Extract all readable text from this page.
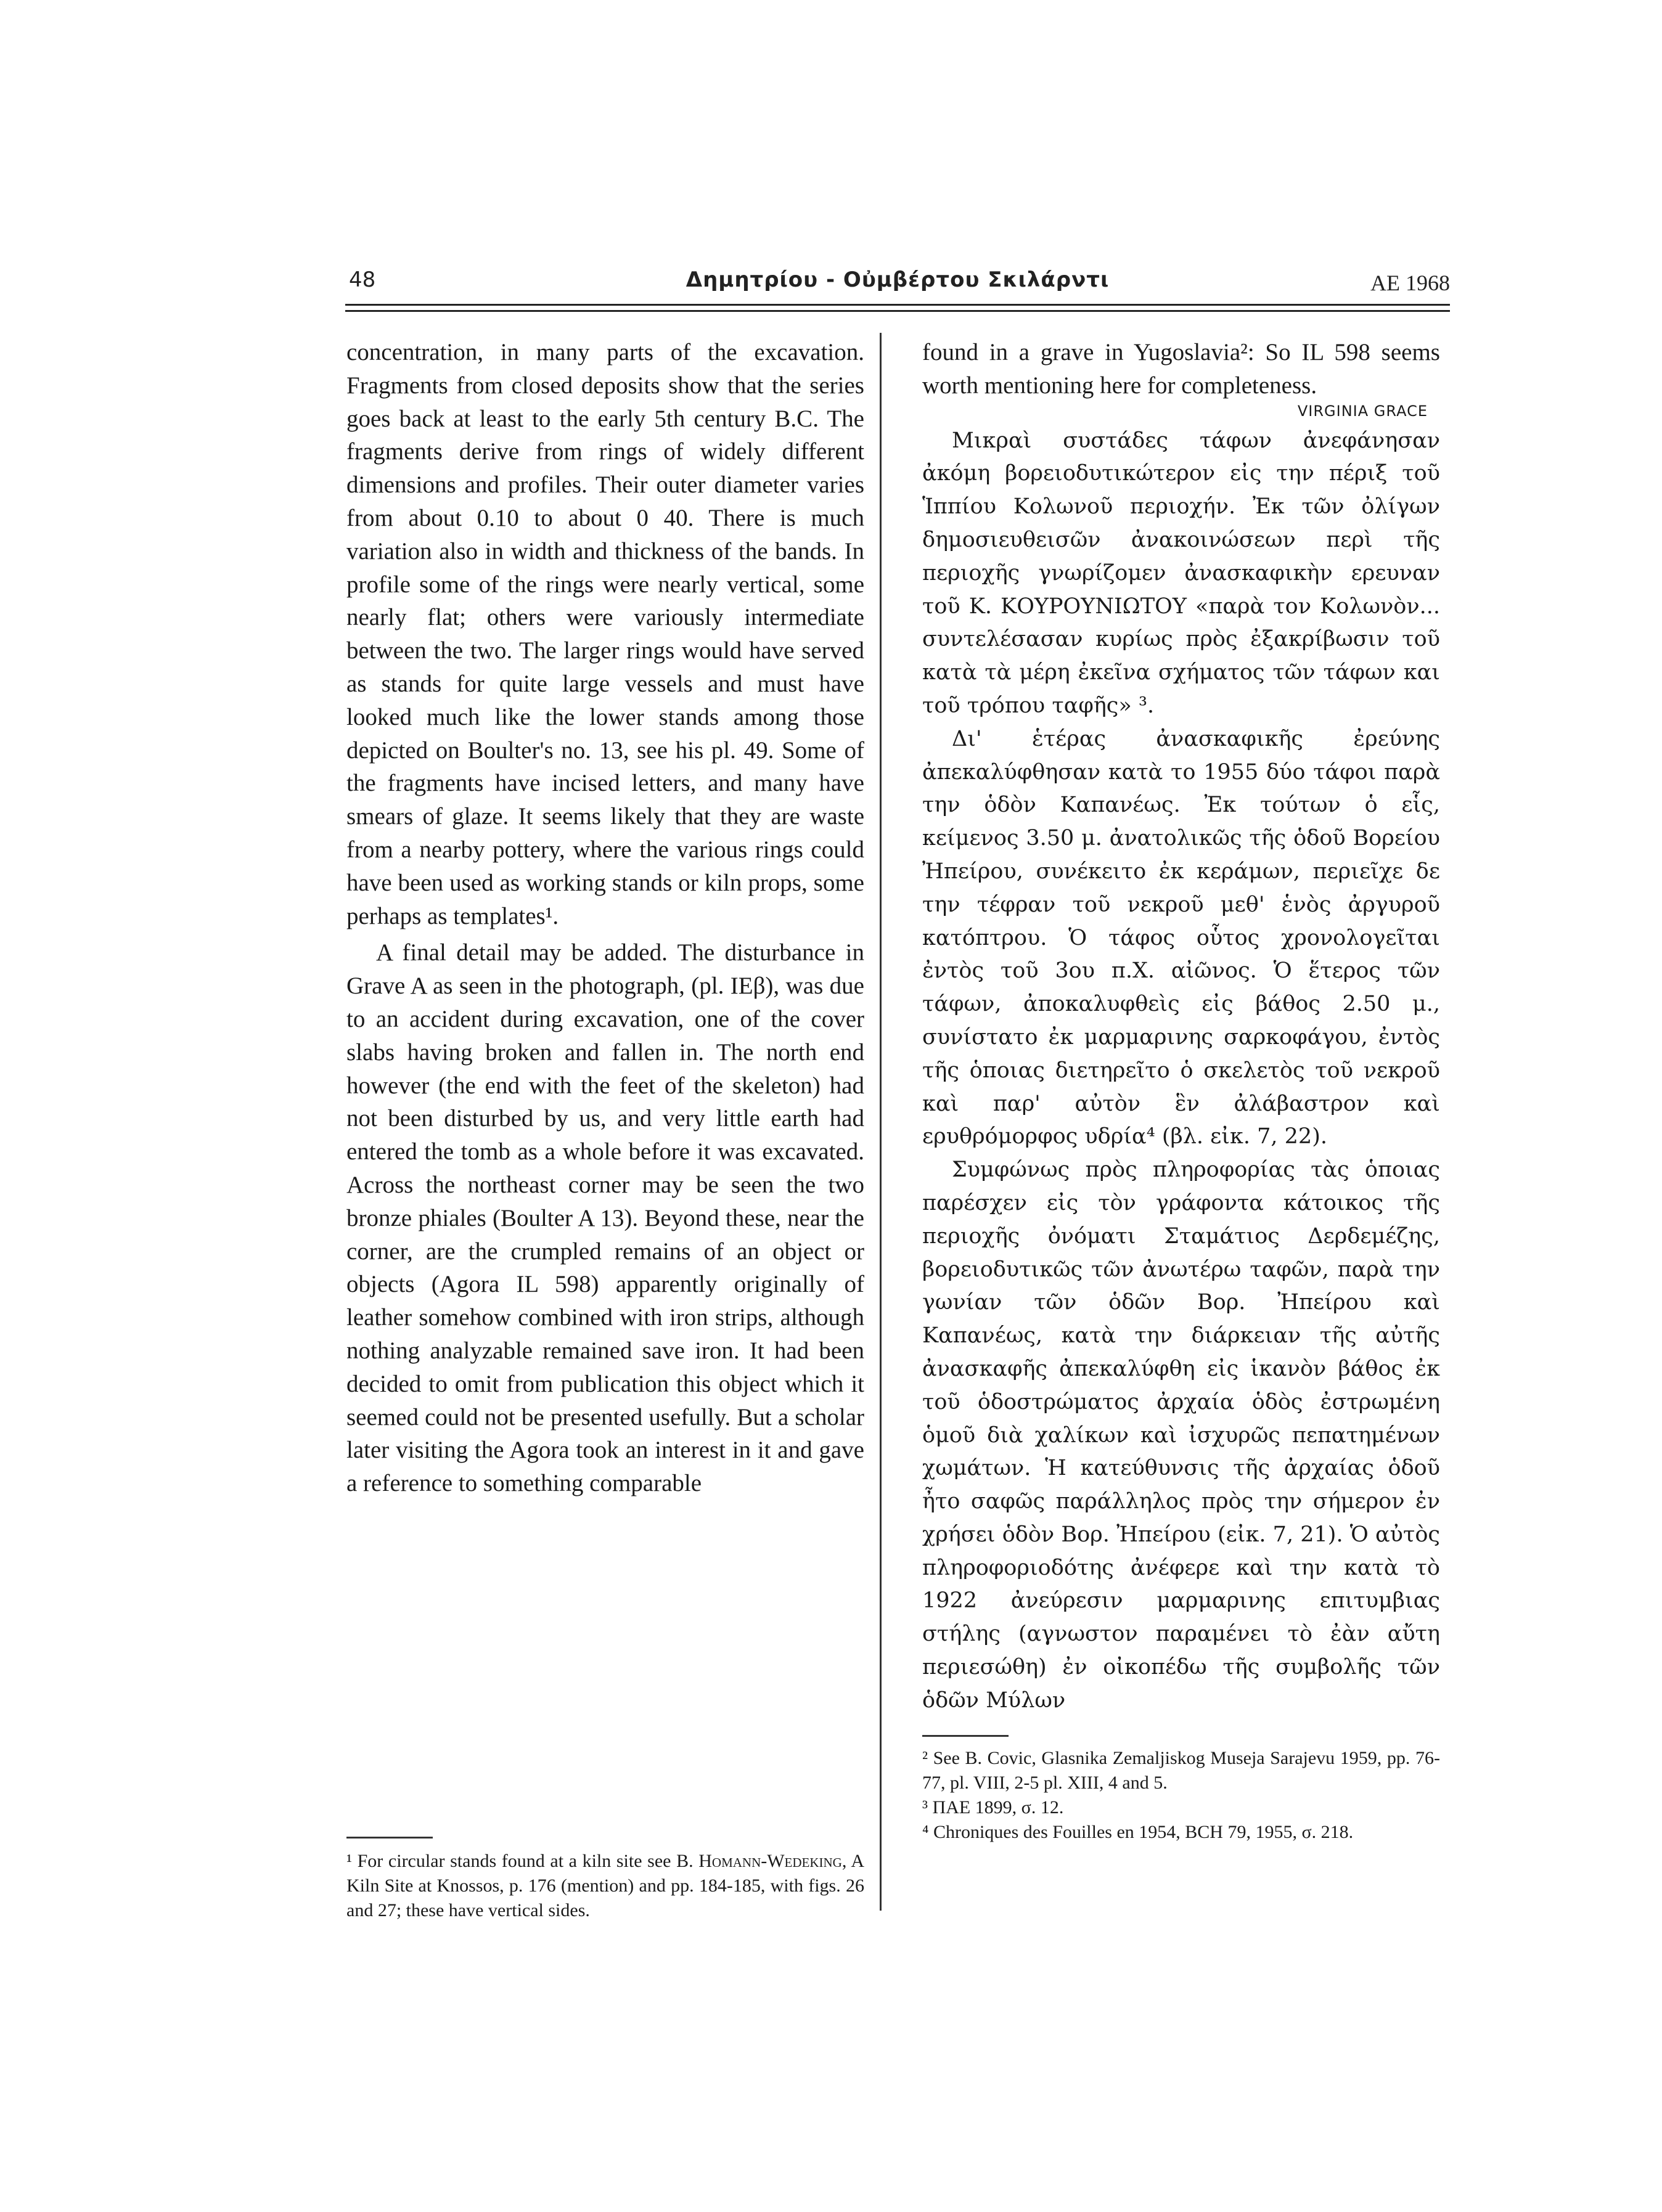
48	Δημητρίου - Οὐμβέρτου Σκιλάρντι	ΑΕ 1968

concentration, in many parts of the excavation. Fragments from closed deposits show that the series goes back at least to the early 5th century B.C. The fragments derive from rings of widely different dimensions and profiles. Their outer diameter varies from about 0.10 to about 0 40. There is much variation also in width and thickness of the bands. In profile some of the rings were nearly vertical, some nearly flat; others were variously intermediate between the two. The larger rings would have served as stands for quite large vessels and must have looked much like the lower stands among those depicted on Boulter's no. 13, see his pl. 49. Some of the fragments have incised letters, and many have smears of glaze. It seems likely that they are waste from a nearby pottery, where the various rings could have been used as working stands or kiln props, some perhaps as templates¹.

A final detail may be added. The disturbance in Grave A as seen in the photograph, (pl. ΙΕβ), was due to an accident during excavation, one of the cover slabs having broken and fallen in. The north end however (the end with the feet of the skeleton) had not been disturbed by us, and very little earth had entered the tomb as a whole before it was excavated. Across the northeast corner may be seen the two bronze phiales (Boulter A 13). Beyond these, near the corner, are the crumpled remains of an object or objects (Agora IL 598) apparently originally of leather somehow combined with iron strips, although nothing analyzable remained save iron. It had been decided to omit from publication this object which it seemed could not be presented usefully. But a scholar later visiting the Agora took an interest in it and gave a reference to something comparable

¹ For circular stands found at a kiln site see B. Homann-Wedeking, A Kiln Site at Knossos, p. 176 (mention) and pp. 184-185, with figs. 26 and 27; these have vertical sides.

found in a grave in Yugoslavia²: So IL 598 seems worth mentioning here for completeness.

VIRGINIA GRACE

Μικραὶ συστάδες τάφων ἀνεφάνησαν ἀκόμη βορειοδυτικώτερον εἰς την πέριξ τοῦ Ἱππίου Κολωνοῦ περιοχήν. Ἐκ τῶν ὀλίγων δημοσιευθεισῶν ἀνακοινώσεων περὶ τῆς περιοχῆς γνωρίζομεν ἀνασκαφικὴν ερευναν τοῦ Κ. ΚΟΥΡΟΥΝΙΩΤΟΥ «παρὰ τον Κολωνὸν... συντελέσασαν κυρίως πρὸς ἐξακρίβωσιν τοῦ κατὰ τὰ μέρη ἐκεῖνα σχήματος τῶν τάφων και τοῦ τρόπου ταφῆς» ³.

Δι' ἑτέρας ἀνασκαφικῆς ἐρεύνης ἀπεκαλύφθησαν κατὰ το 1955 δύο τάφοι παρὰ την ὁδὸν Καπανέως. Ἐκ τούτων ὁ εἷς, κείμενος 3.50 μ. ἀνατολικῶς τῆς ὁδοῦ Βορείου Ἠπείρου, συνέκειτο ἐκ κεράμων, περιεῖχε δε την τέφραν τοῦ νεκροῦ μεθ' ἑνὸς ἀργυροῦ κατόπτρου. Ὁ τάφος οὗτος χρονολογεῖται ἐντὸς τοῦ 3ου π.Χ. αἰῶνος. Ὁ ἕτερος τῶν τάφων, ἀποκαλυφθεὶς εἰς βάθος 2.50 μ., συνίστατο ἐκ μαρμαρινης σαρκοφάγου, ἐντὸς τῆς ὁποιας διετηρεῖτο ὁ σκελετὸς τοῦ νεκροῦ καὶ παρ' αὐτὸν ἓν ἀλάβαστρον καὶ ερυθρόμορφος υδρία⁴ (βλ. εἰκ. 7, 22).

Συμφώνως πρὸς πληροφορίας τὰς ὁποιας παρέσχεν εἰς τὸν γράφοντα κάτοικος τῆς περιοχῆς ὀνόματι Σταμάτιος Δερδεμέζης, βορειοδυτικῶς τῶν ἀνωτέρω ταφῶν, παρὰ την γωνίαν τῶν ὁδῶν Βορ. Ἠπείρου καὶ Καπανέως, κατὰ την διάρκειαν τῆς αὐτῆς ἀνασκαφῆς ἀπεκαλύφθη εἰς ἱκανὸν βάθος ἐκ τοῦ ὁδοστρώματος ἀρχαία ὁδὸς ἐστρωμένη ὁμοῦ διὰ χαλίκων καὶ ἰσχυρῶς πεπατημένων χωμάτων. Ἡ κατεύθυνσις τῆς ἀρχαίας ὁδοῦ ἦτο σαφῶς παράλληλος πρὸς την σήμερον ἐν χρήσει ὁδὸν Βορ. Ἠπείρου (εἰκ. 7, 21). Ὁ αὐτὸς πληροφοριοδότης ἀνέφερε καὶ την κατὰ τὸ 1922 ἀνεύρεσιν μαρμαρινης επιτυμβιας στήλης (αγνωστον παραμένει τὸ ἐὰν αὔτη περιεσώθη) ἐν οἰκοπέδω τῆς συμβολῆς τῶν ὁδῶν Μύλων

² See B. Covic, Glasnika Zemaljiskog Museja Sarajevu 1959, pp. 76-77, pl. VIII, 2-5 pl. XIII, 4 and 5.

³ ΠΑΕ 1899, σ. 12.

⁴ Chroniques des Fouilles en 1954, BCH 79, 1955, σ. 218.
